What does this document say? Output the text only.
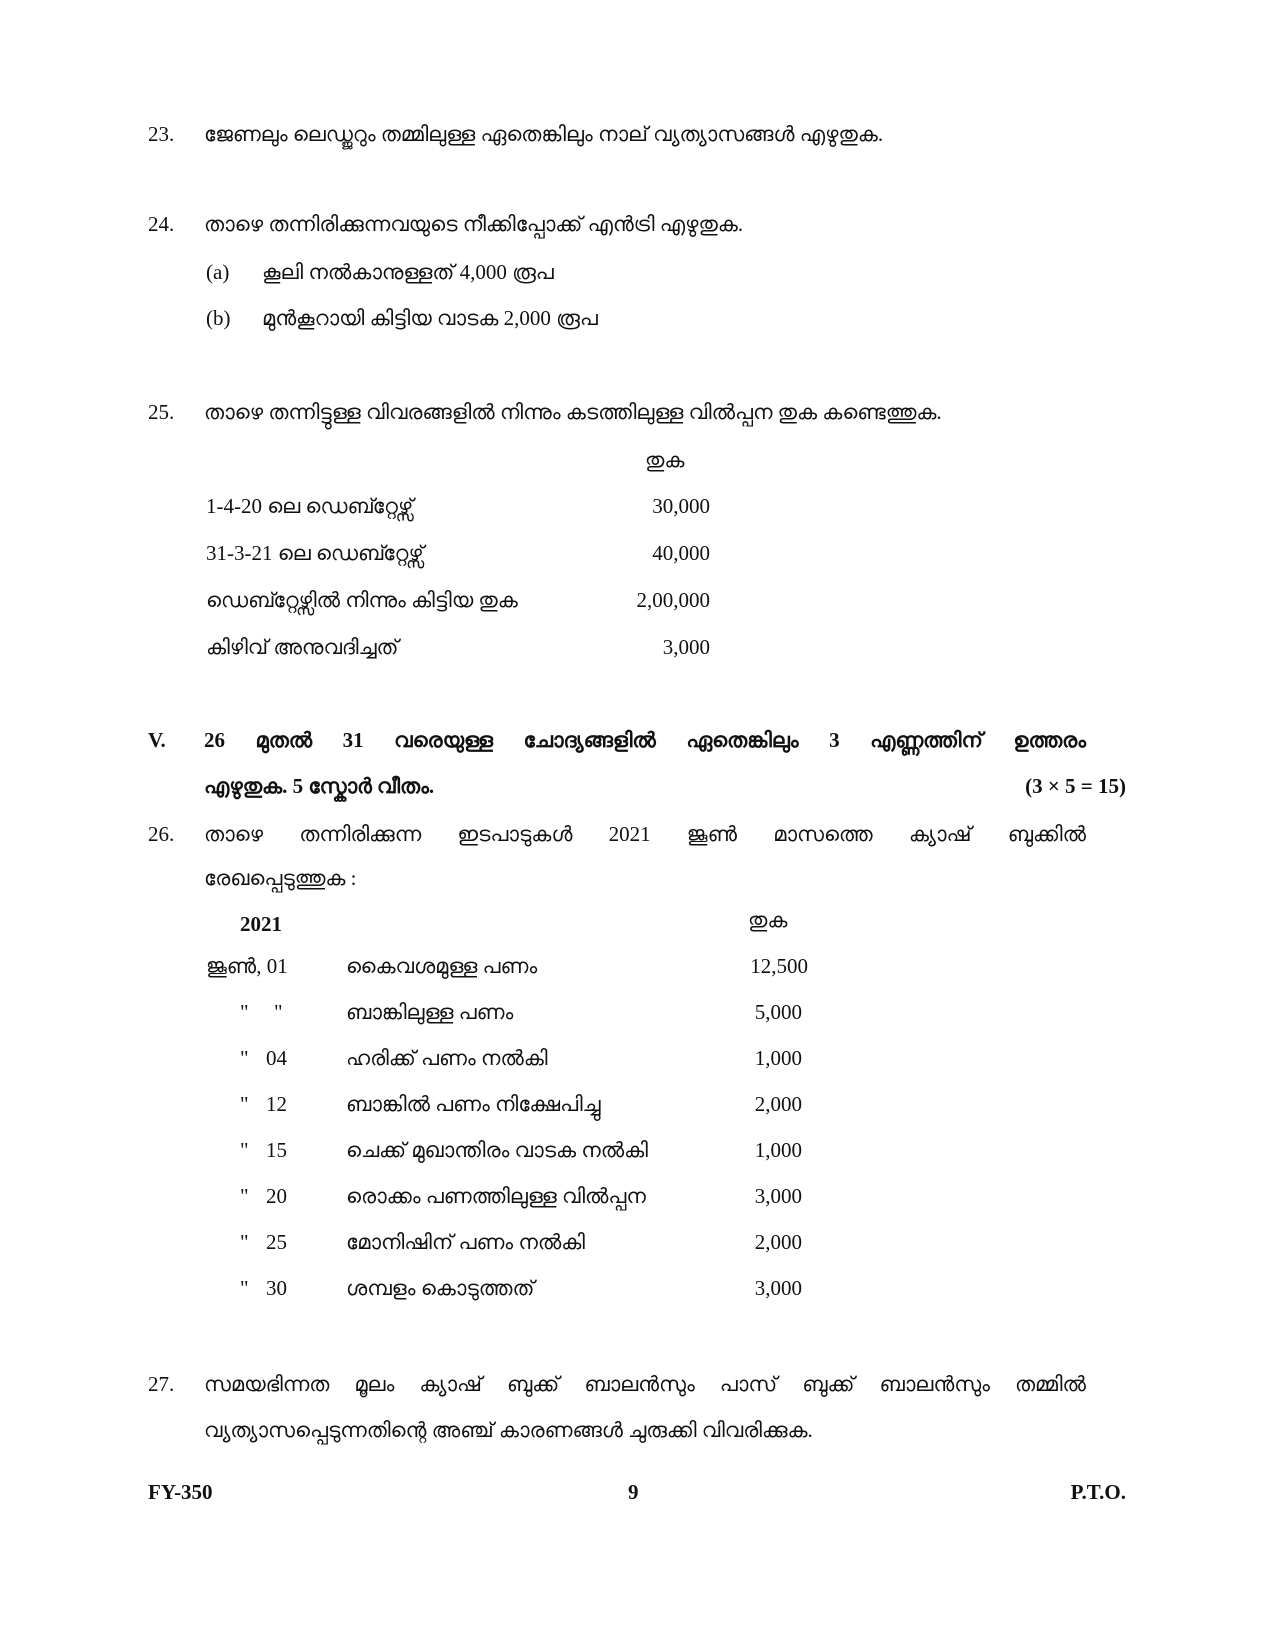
23. ജേണലും ലെഡ്ജറും തമ്മിലുള്ള ഏതെങ്കിലും നാല് വ്യത്യാസങ്ങൾ എഴുതുക.
24. താഴെ തന്നിരിക്കുന്നവയുടെ നീക്കിപ്പോക്ക് എൻട്രി എഴുതുക.
(a) കൂലി നൽകാനുള്ളത് 4,000 രൂപ
(b) മുൻകൂറായി കിട്ടിയ വാടക 2,000 രൂപ
25. താഴെ തന്നിട്ടുള്ള വിവരങ്ങളിൽ നിന്നും കടത്തിലുള്ള വിൽപ്പന തുക കണ്ടെത്തുക.
തുക
1-4-20 ലെ ഡെബ്റ്റേഴ്സ്	30,000
31-3-21 ലെ ഡെബ്റ്റേഴ്സ്	40,000
ഡെബ്റ്റേഴ്സിൽ നിന്നും കിട്ടിയ തുക	2,00,000
കിഴിവ് അനുവദിച്ചത്	3,000
V. 26 മുതൽ 31 വരെയുള്ള ചോദ്യങ്ങളിൽ ഏതെങ്കിലും 3 എണ്ണത്തിന് ഉത്തരം
എഴുതുക. 5 സ്കോർ വീതം.	(3 × 5 = 15)
26. താഴെ തന്നിരിക്കുന്ന ഇടപാടുകൾ 2021 ജൂൺ മാസത്തെ ക്യാഷ് ബുക്കിൽ
രേഖപ്പെടുത്തുക :
2021	തുക
ജൂൺ, 01	കൈവശമുള്ള പണം	12,500
" "	ബാങ്കിലുള്ള പണം	5,000
" 04	ഹരിക്ക് പണം നൽകി	1,000
" 12	ബാങ്കിൽ പണം നിക്ഷേപിച്ചു	2,000
" 15	ചെക്ക് മുഖാന്തിരം വാടക നൽകി	1,000
" 20	രൊക്കം പണത്തിലുള്ള വിൽപ്പന	3,000
" 25	മോനിഷിന് പണം നൽകി	2,000
" 30	ശമ്പളം കൊടുത്തത്	3,000
27. സമയഭിന്നത മൂലം ക്യാഷ് ബുക്ക് ബാലൻസും പാസ് ബുക്ക് ബാലൻസും തമ്മിൽ
വ്യത്യാസപ്പെടുന്നതിന്റെ അഞ്ച് കാരണങ്ങൾ ചുരുക്കി വിവരിക്കുക.
FY-350	9	P.T.O.
